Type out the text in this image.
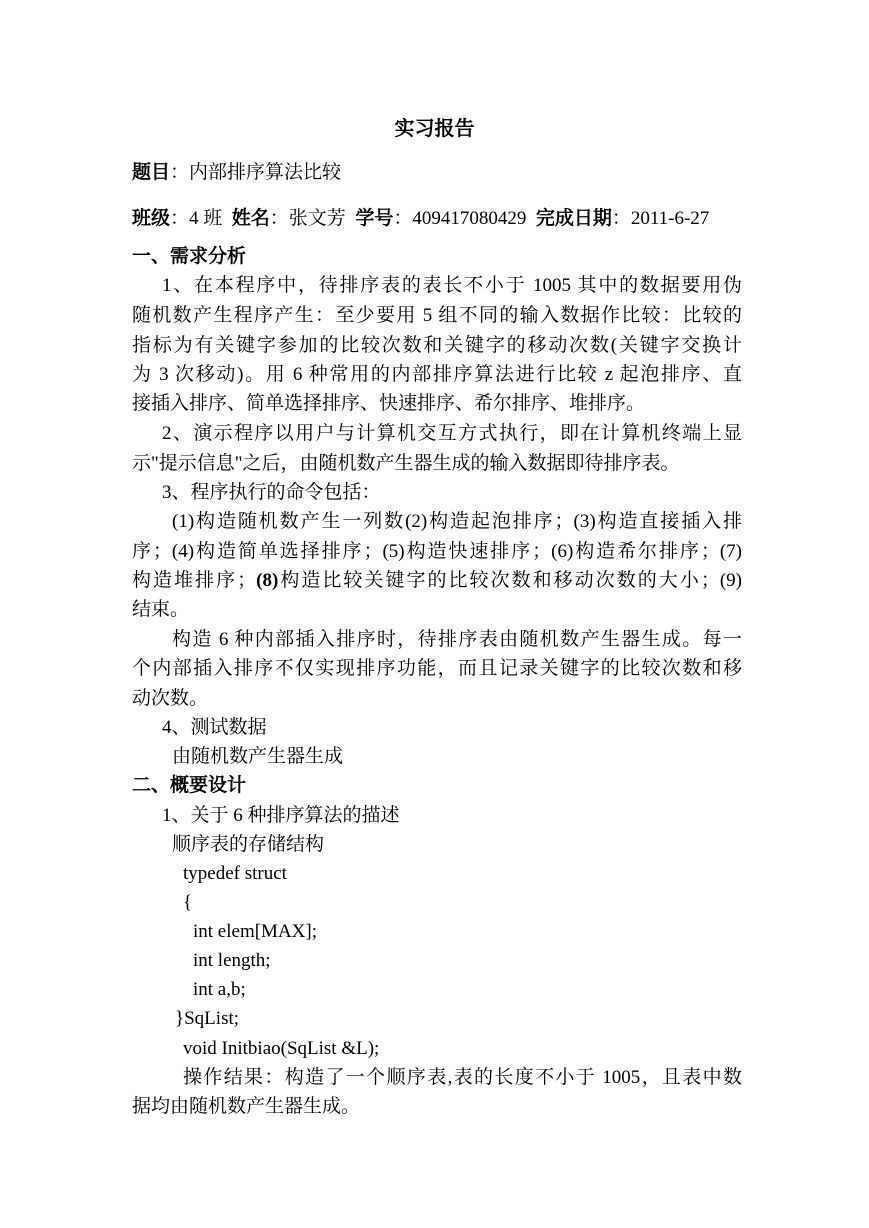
实习报告
题目：内部排序算法比较
班级：4 班 姓名：张文芳 学号：409417080429 完成日期：2011-6-27
一、需求分析
1、在本程序中，待排序表的表长不小于 1005 其中的数据要用伪
随机数产生程序产生：至少要用 5 组不同的输入数据作比较：比较的
指标为有关键字参加的比较次数和关键字的移动次数(关键字交换计
为 3 次移动)。用 6 种常用的内部排序算法进行比较 z 起泡排序、直
接插入排序、简单选择排序、快速排序、希尔排序、堆排序。
2、演示程序以用户与计算机交互方式执行，即在计算机终端上显
示"提示信息"之后，由随机数产生器生成的输入数据即待排序表。
3、程序执行的命令包括：
(1)构造随机数产生一列数(2)构造起泡排序；(3)构造直接插入排
序；(4)构造简单选择排序；(5)构造快速排序；(6)构造希尔排序；(7)
构造堆排序；(8)构造比较关键字的比较次数和移动次数的大小；(9)
结束。
构造 6 种内部插入排序时，待排序表由随机数产生器生成。每一
个内部插入排序不仅实现排序功能，而且记录关键字的比较次数和移
动次数。
4、测试数据
由随机数产生器生成
二、概要设计
1、关于 6 种排序算法的描述
顺序表的存储结构
typedef struct
{
int elem[MAX];
int length;
int a,b;
}SqList;
void Initbiao(SqList &L);
操作结果：构造了一个顺序表,表的长度不小于 1005，且表中数
据均由随机数产生器生成。
